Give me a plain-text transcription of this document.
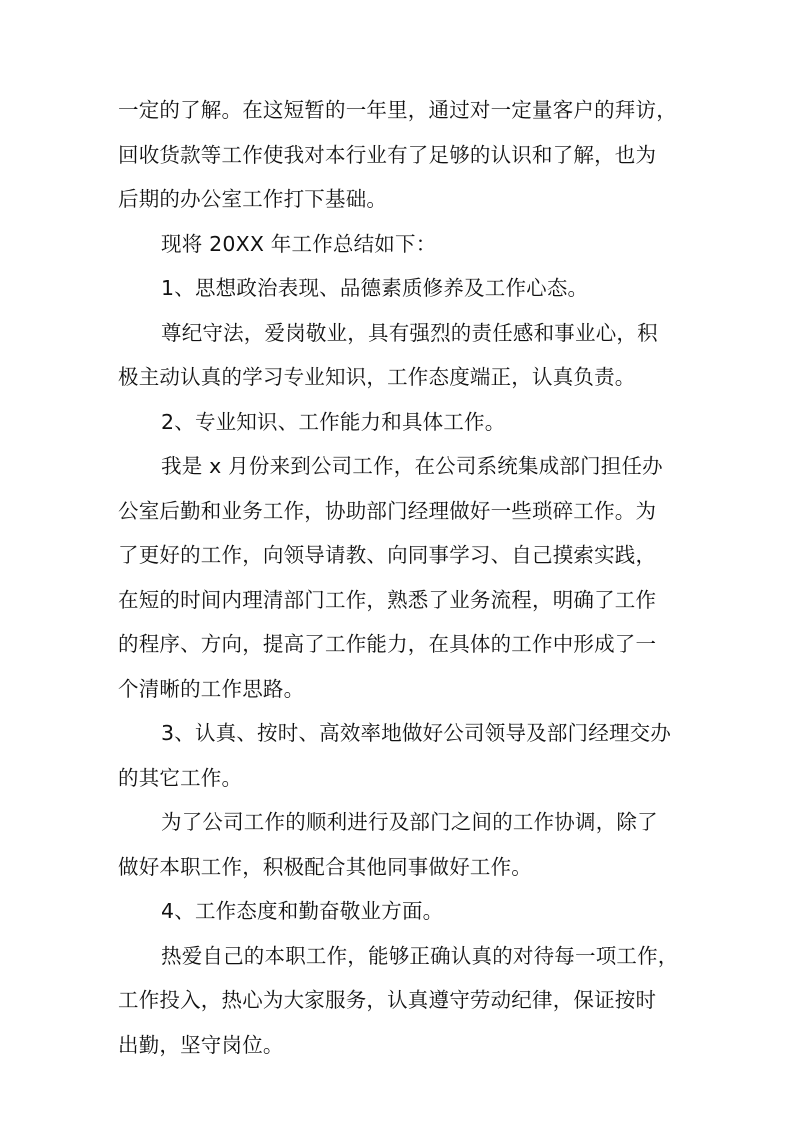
一定的了解。在这短暂的一年里，通过对一定量客户的拜访，
回收货款等工作使我对本行业有了足够的认识和了解，也为
后期的办公室工作打下基础。
现将 20XX 年工作总结如下：
1、思想政治表现、品德素质修养及工作心态。
尊纪守法，爱岗敬业，具有强烈的责任感和事业心，积
极主动认真的学习专业知识，工作态度端正，认真负责。
2、专业知识、工作能力和具体工作。
我是 x 月份来到公司工作，在公司系统集成部门担任办
公室后勤和业务工作，协助部门经理做好一些琐碎工作。为
了更好的工作，向领导请教、向同事学习、自己摸索实践，
在短的时间内理清部门工作，熟悉了业务流程，明确了工作
的程序、方向，提高了工作能力，在具体的工作中形成了一
个清晰的工作思路。
3、认真、按时、高效率地做好公司领导及部门经理交办
的其它工作。
为了公司工作的顺利进行及部门之间的工作协调，除了
做好本职工作，积极配合其他同事做好工作。
4、工作态度和勤奋敬业方面。
热爱自己的本职工作，能够正确认真的对待每一项工作，
工作投入，热心为大家服务，认真遵守劳动纪律，保证按时
出勤，坚守岗位。
